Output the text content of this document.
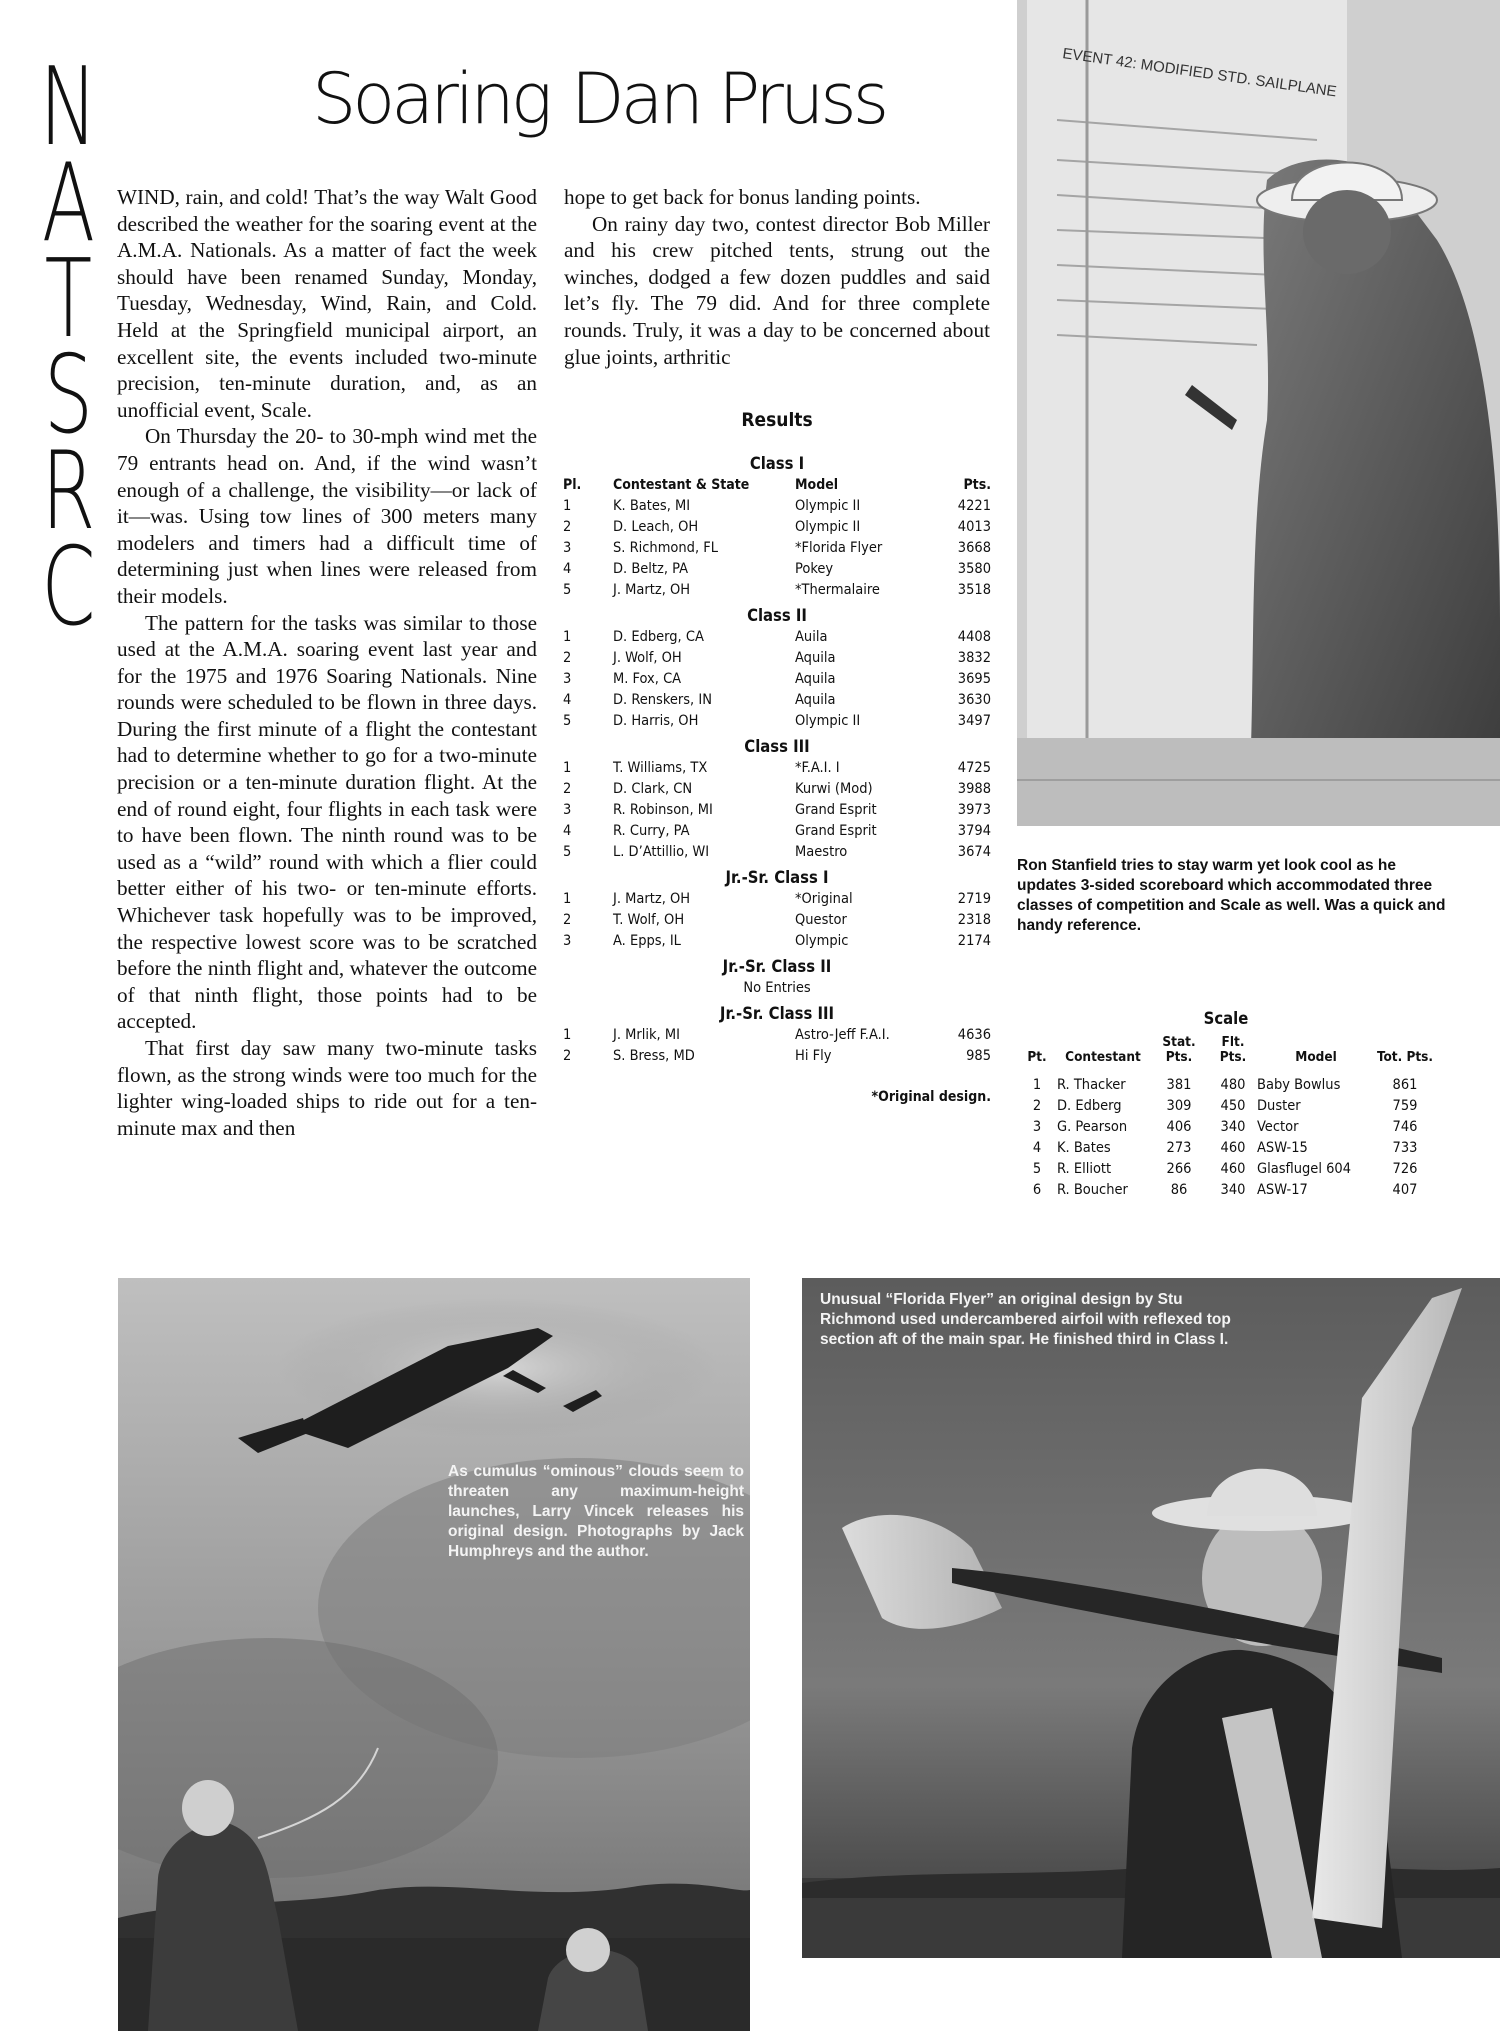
N
A
T
S
R
C
Soaring Dan Pruss

WIND, rain, and cold! That’s the way Walt Good described the weather for the soaring event at the A.M.A. Nationals. As a matter of fact the week should have been renamed Sunday, Monday, Tuesday, Wednesday, Wind, Rain, and Cold. Held at the Springfield municipal airport, an excellent site, the events included two-minute precision, ten-minute duration, and, as an unofficial event, Scale.

On Thursday the 20- to 30-mph wind met the 79 entrants head on. And, if the wind wasn’t enough of a challenge, the visibility—or lack of it—was. Using tow lines of 300 meters many modelers and timers had a difficult time of determining just when lines were released from their models.

The pattern for the tasks was similar to those used at the A.M.A. soaring event last year and for the 1975 and 1976 Soaring Nationals. Nine rounds were scheduled to be flown in three days. During the first minute of a flight the contestant had to determine whether to go for a two-minute precision or a ten-minute duration flight. At the end of round eight, four flights in each task were to have been flown. The ninth round was to be used as a “wild” round with which a flier could better either of his two- or ten-minute efforts. Whichever task hopefully was to be improved, the respective lowest score was to be scratched before the ninth flight and, whatever the outcome of that ninth flight, those points had to be accepted.

That first day saw many two-minute tasks flown, as the strong winds were too much for the lighter wing-loaded ships to ride out for a ten-minute max and then

hope to get back for bonus landing points.

On rainy day two, contest director Bob Miller and his crew pitched tents, strung out the winches, dodged a few dozen puddles and said let’s fly. The 79 did. And for three complete rounds. Truly, it was a day to be concerned about glue joints, arthritic

Results
Class I
Pl.	Contestant & State	Model	Pts.
1	K. Bates, MI	Olympic II	4221
2	D. Leach, OH	Olympic II	4013
3	S. Richmond, FL	*Florida Flyer	3668
4	D. Beltz, PA	Pokey	3580
5	J. Martz, OH	*Thermalaire	3518
Class II
1	D. Edberg, CA	Auila	4408
2	J. Wolf, OH	Aquila	3832
3	M. Fox, CA	Aquila	3695
4	D. Renskers, IN	Aquila	3630
5	D. Harris, OH	Olympic II	3497
Class III
1	T. Williams, TX	*F.A.I. I	4725
2	D. Clark, CN	Kurwi (Mod)	3988
3	R. Robinson, MI	Grand Esprit	3973
4	R. Curry, PA	Grand Esprit	3794
5	L. D’Attillio, WI	Maestro	3674
Jr.-Sr. Class I
1	J. Martz, OH	*Original	2719
2	T. Wolf, OH	Questor	2318
3	A. Epps, IL	Olympic	2174
Jr.-Sr. Class II
No Entries
Jr.-Sr. Class III
1	J. Mrlik, MI	Astro-Jeff F.A.I.	4636
2	S. Bress, MD	Hi Fly	985
*Original design.
EVENT 42: MODIFIED STD. SAILPLANE
Ron Stanfield tries to stay warm yet look cool as he updates 3-sided scoreboard which accommodated three classes of competition and Scale as well. Was a quick and handy reference.
Scale
Pt.	Contestant
Stat. Pts.
Flt. Pts.	Model	Tot. Pts.
1	R. Thacker	381	480 Baby Bowlus	861
2	D. Edberg	309	450 Duster	759
3	G. Pearson	406	340 Vector	746
4	K. Bates	273	460 ASW-15	733
5	R. Elliott	266	460 Glasflugel 604	726
6	R. Boucher	86	340 ASW-17	407
As cumulus “ominous” clouds seem to threaten any maximum-height launches, Larry Vincek releases his original design. Photographs by Jack Humphreys and the author.
Unusual “Florida Flyer” an original design by Stu Richmond used undercambered airfoil with reflexed top section aft of the main spar. He finished third in Class I.
